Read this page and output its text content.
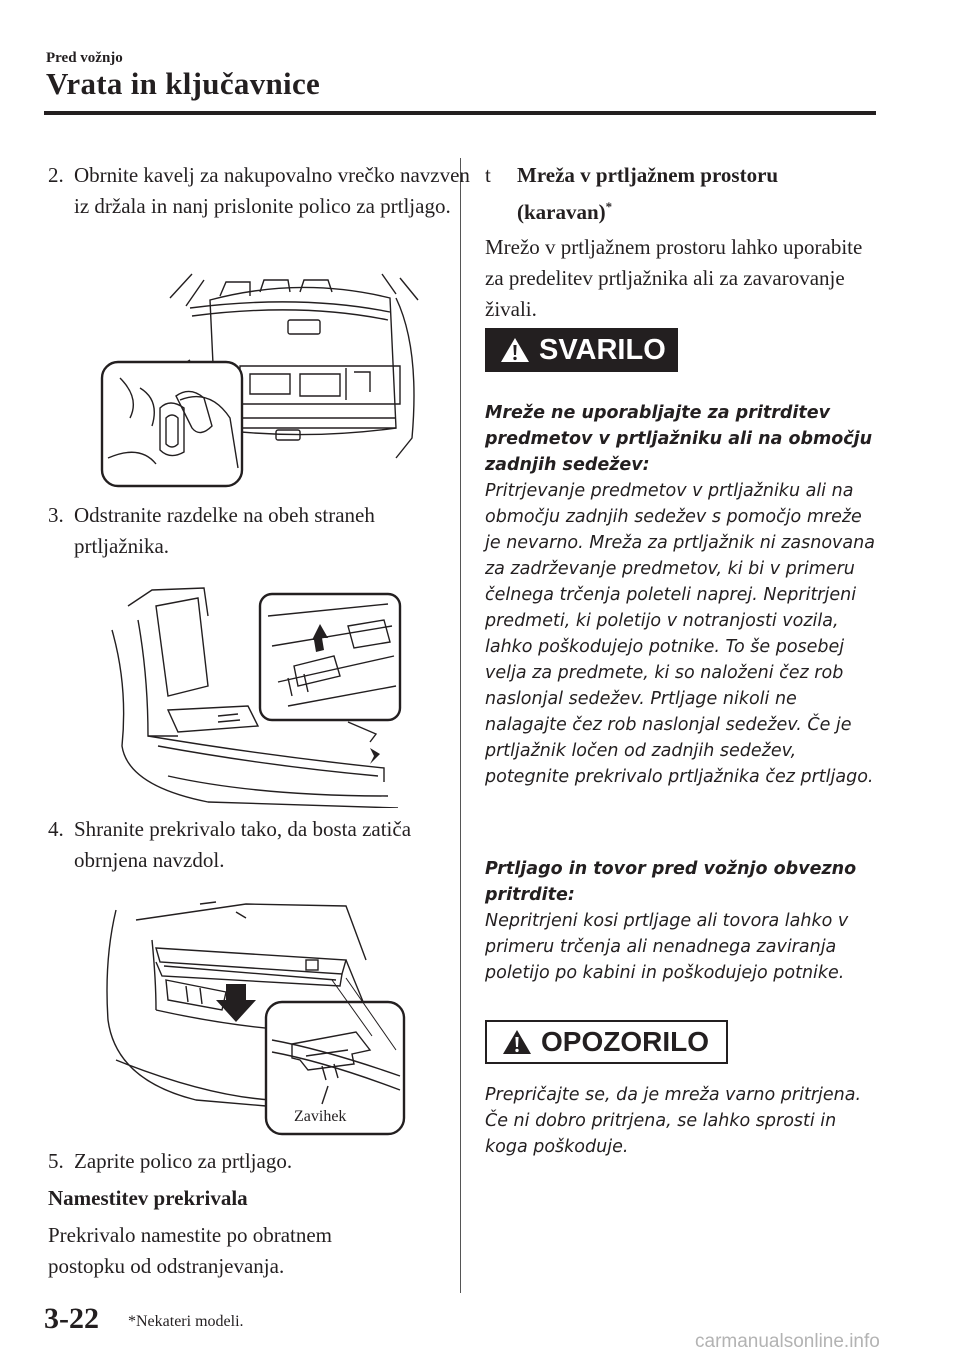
Pred vožnjo
Vrata in ključavnice
2. Obrnite kavelj za nakupovalno vrečko navzven iz držala in nanj prislonite polico za prtljago.
3. Odstranite razdelke na obeh straneh prtljažnika.
4. Shranite prekrivalo tako, da bosta zatiča obrnjena navzdol.
Zavihek
5. Zaprite polico za prtljago.
Namestitev prekrivala
Prekrivalo namestite po obratnem postopku od odstranjevanja.
t Mreža v prtljažnem prostoru (karavan)*
Mrežo v prtljažnem prostoru lahko uporabite za predelitev prtljažnika ali za zavarovanje živali.
SVARILO
Mreže ne uporabljajte za pritrditev predmetov v prtljažniku ali na območju zadnjih sedežev:
Pritrjevanje predmetov v prtljažniku ali na območju zadnjih sedežev s pomočjo mreže je nevarno. Mreža za prtljažnik ni zasnovana za zadrževanje predmetov, ki bi v primeru čelnega trčenja poleteli naprej. Nepritrjeni predmeti, ki poletijo v notranjosti vozila, lahko poškodujejo potnike. To še posebej velja za predmete, ki so naloženi čez rob naslonjal sedežev. Prtljage nikoli ne nalagajte čez rob naslonjal sedežev. Če je prtljažnik ločen od zadnjih sedežev, potegnite prekrivalo prtljažnika čez prtljago.
Prtljago in tovor pred vožnjo obvezno pritrdite:
Nepritrjeni kosi prtljage ali tovora lahko v primeru trčenja ali nenadnega zaviranja poletijo po kabini in poškodujejo potnike.
OPOZORILO
Prepričajte se, da je mreža varno pritrjena. Če ni dobro pritrjena, se lahko sprosti in koga poškoduje.
3-22 *Nekateri modeli.
carmanualsonline.info
